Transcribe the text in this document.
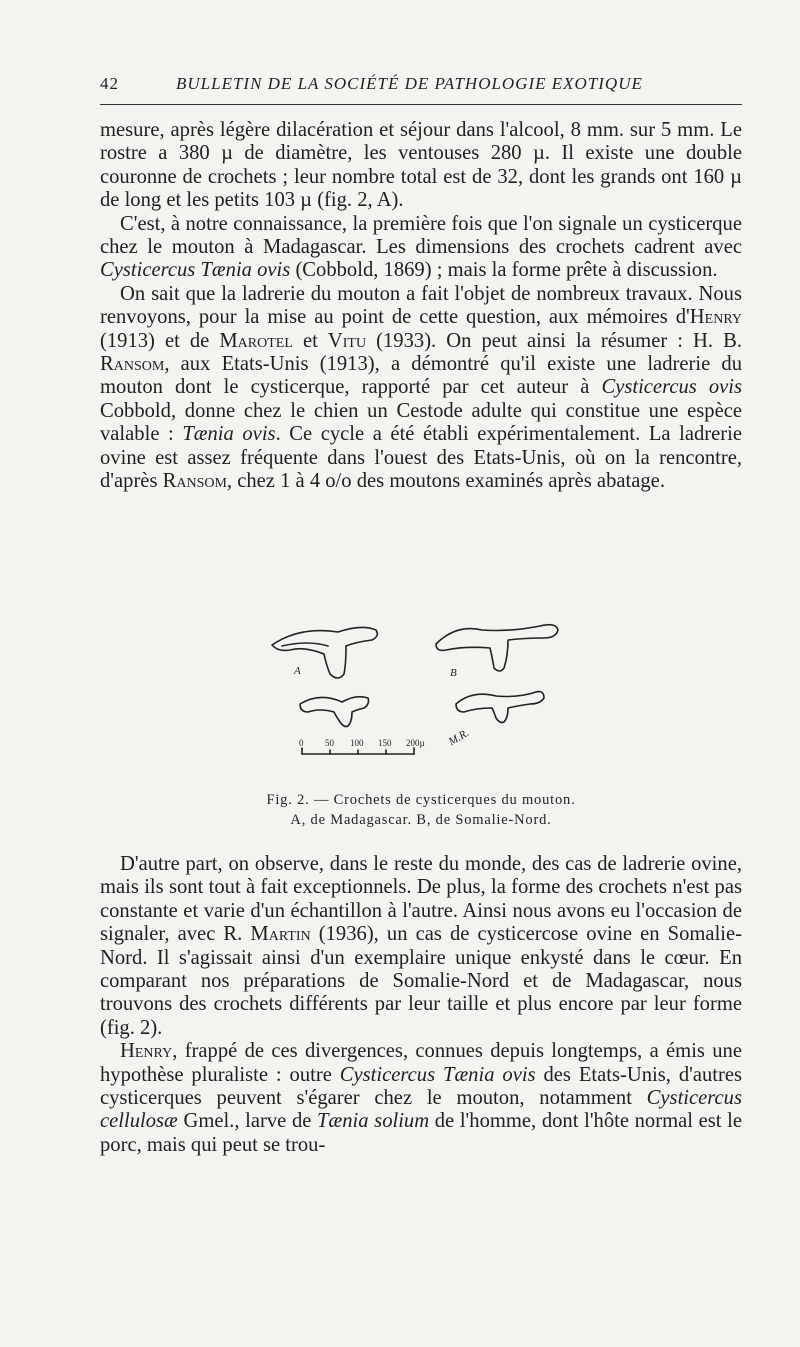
42	BULLETIN DE LA SOCIÉTÉ DE PATHOLOGIE EXOTIQUE

mesure, après légère dilacération et séjour dans l'alcool, 8 mm. sur 5 mm. Le rostre a 380 µ de diamètre, les ventouses 280 µ. Il existe une double couronne de crochets ; leur nombre total est de 32, dont les grands ont 160 µ de long et les petits 103 µ (fig. 2, A).

C'est, à notre connaissance, la première fois que l'on signale un cysticerque chez le mouton à Madagascar. Les dimensions des crochets cadrent avec Cysticercus Tænia ovis (Cobbold, 1869) ; mais la forme prête à discussion.

On sait que la ladrerie du mouton a fait l'objet de nombreux travaux. Nous renvoyons, pour la mise au point de cette question, aux mémoires d'Henry (1913) et de Marotel et Vitu (1933). On peut ainsi la résumer : H. B. Ransom, aux Etats-Unis (1913), a démontré qu'il existe une ladrerie du mouton dont le cysticerque, rapporté par cet auteur à Cysticercus ovis Cobbold, donne chez le chien un Cestode adulte qui constitue une espèce valable : Tænia ovis. Ce cycle a été établi expérimentalement. La ladrerie ovine est assez fréquente dans l'ouest des Etats-Unis, où on la rencontre, d'après Ransom, chez 1 à 4 o/o des moutons examinés après abatage.

A	B
0 50 100 150 200µ M.R.
Fig. 2. — Crochets de cysticerques du mouton.
A, de Madagascar. B, de Somalie-Nord.

D'autre part, on observe, dans le reste du monde, des cas de ladrerie ovine, mais ils sont tout à fait exceptionnels. De plus, la forme des crochets n'est pas constante et varie d'un échantillon à l'autre. Ainsi nous avons eu l'occasion de signaler, avec R. Martin (1936), un cas de cysticercose ovine en Somalie-Nord. Il s'agissait ainsi d'un exemplaire unique enkysté dans le cœur. En comparant nos préparations de Somalie-Nord et de Madagascar, nous trouvons des crochets différents par leur taille et plus encore par leur forme (fig. 2).

Henry, frappé de ces divergences, connues depuis longtemps, a émis une hypothèse pluraliste : outre Cysticercus Tænia ovis des Etats-Unis, d'autres cysticerques peuvent s'égarer chez le mouton, notamment Cysticercus cellulosæ Gmel., larve de Tænia solium de l'homme, dont l'hôte normal est le porc, mais qui peut se trou-
